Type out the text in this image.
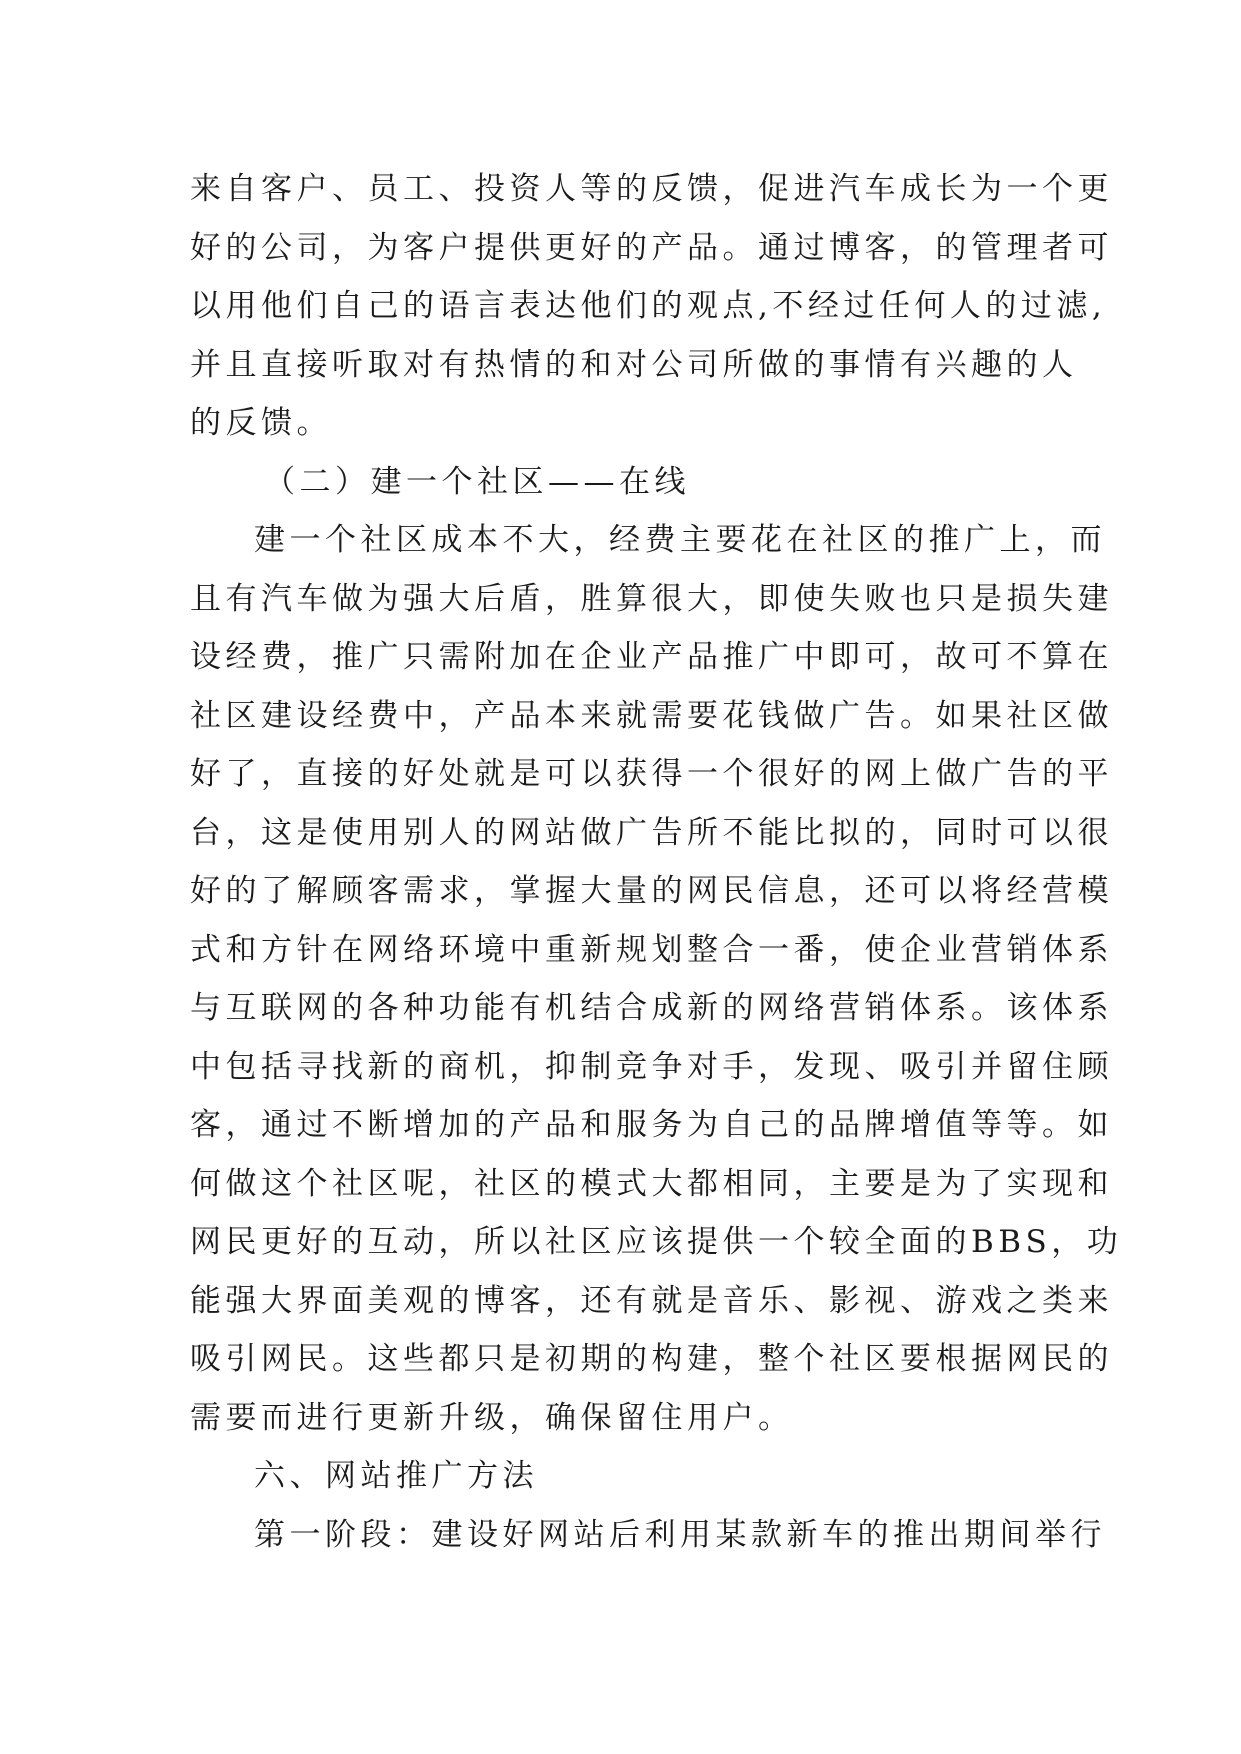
来自客户、员工、投资人等的反馈，促进汽车成长为一个更
好的公司，为客户提供更好的产品。通过博客，的管理者可
以用他们自己的语言表达他们的观点,不经过任何人的过滤,
并且直接听取对有热情的和对公司所做的事情有兴趣的人
的反馈。
（二）建一个社区——在线
建一个社区成本不大，经费主要花在社区的推广上，而
且有汽车做为强大后盾，胜算很大，即使失败也只是损失建
设经费，推广只需附加在企业产品推广中即可，故可不算在
社区建设经费中，产品本来就需要花钱做广告。如果社区做
好了，直接的好处就是可以获得一个很好的网上做广告的平
台，这是使用别人的网站做广告所不能比拟的，同时可以很
好的了解顾客需求，掌握大量的网民信息，还可以将经营模
式和方针在网络环境中重新规划整合一番，使企业营销体系
与互联网的各种功能有机结合成新的网络营销体系。该体系
中包括寻找新的商机，抑制竞争对手，发现、吸引并留住顾
客，通过不断增加的产品和服务为自己的品牌增值等等。如
何做这个社区呢，社区的模式大都相同，主要是为了实现和
网民更好的互动，所以社区应该提供一个较全面的BBS，功
能强大界面美观的博客，还有就是音乐、影视、游戏之类来
吸引网民。这些都只是初期的构建，整个社区要根据网民的
需要而进行更新升级，确保留住用户。
六、网站推广方法
第一阶段：建设好网站后利用某款新车的推出期间举行
